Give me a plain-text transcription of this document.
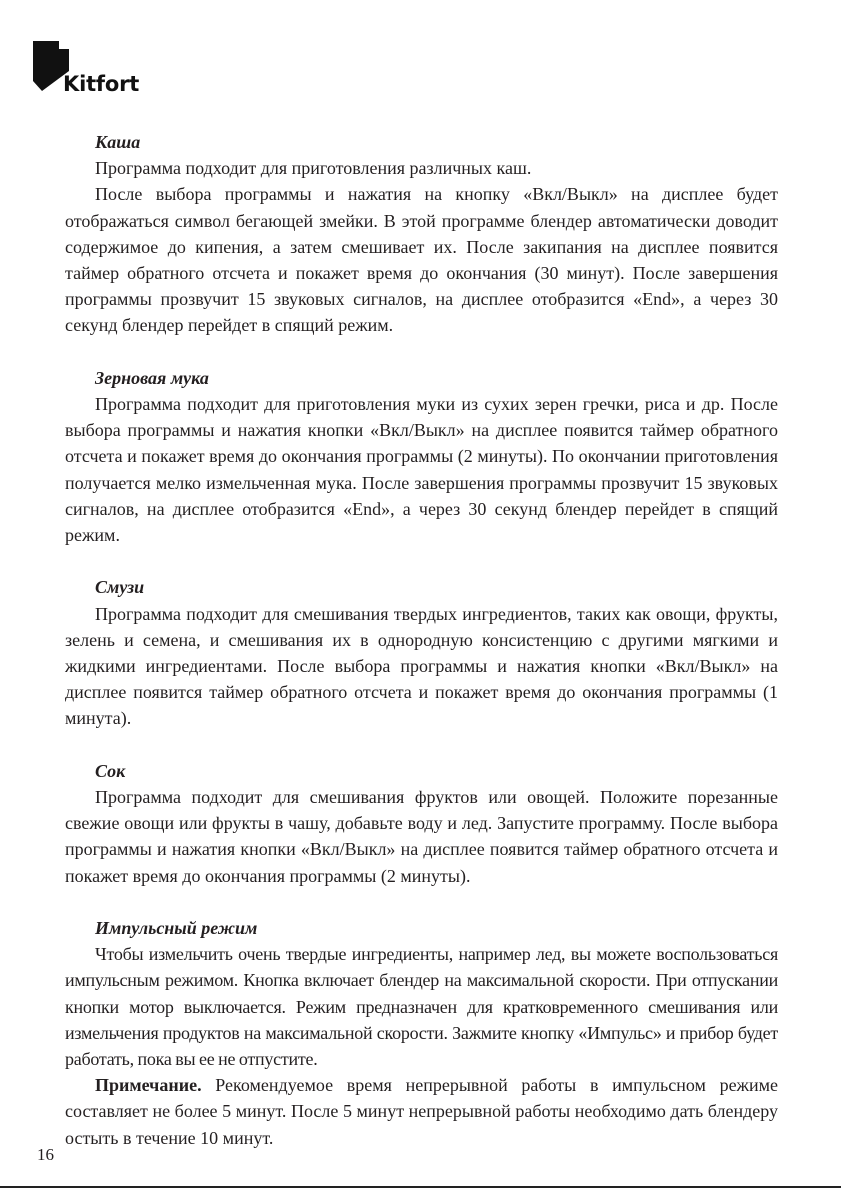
Kitfort

Каша

Программа подходит для приготовления различных каш.

После выбора программы и нажатия на кнопку «Вкл/Выкл» на дисплее будет отображаться символ бегающей змейки. В этой программе блендер автоматически доводит содержимое до кипения, а затем смешивает их. После закипания на дисплее появится таймер обратного отсчета и покажет время до окончания (30 минут). После завершения программы прозвучит 15 звуковых сигналов, на дисплее отобразится «End», а через 30 секунд блендер перейдет в спящий режим.

Зерновая мука

Программа подходит для приготовления муки из сухих зерен гречки, риса и др. После выбора программы и нажатия кнопки «Вкл/Выкл» на дисплее появится таймер обратного отсчета и покажет время до окончания программы (2 минуты). По окончании приготовления получается мелко измельченная мука. После завершения программы прозвучит 15 звуковых сигналов, на дисплее отобразится «End», а через 30 секунд блендер перейдет в спящий режим.

Смузи

Программа подходит для смешивания твердых ингредиентов, таких как овощи, фрукты, зелень и семена, и смешивания их в однородную консистенцию с другими мягкими и жидкими ингредиентами. После выбора программы и нажатия кнопки «Вкл/Выкл» на дисплее появится таймер обратного отсчета и покажет время до окончания программы (1 минута).

Сок

Программа подходит для смешивания фруктов или овощей. Положите порезанные свежие овощи или фрукты в чашу, добавьте воду и лед. Запустите программу. После выбора программы и нажатия кнопки «Вкл/Выкл» на дисплее появится таймер обратного отсчета и покажет время до окончания программы (2 минуты).

Импульсный режим

Чтобы измельчить очень твердые ингредиенты, например лед, вы можете воспользоваться импульсным режимом. Кнопка включает блендер на максимальной скорости. При отпускании кнопки мотор выключается. Режим предназначен для кратковременного смешивания или измельчения продуктов на максимальной скорости. Зажмите кнопку «Импульс» и прибор будет работать, пока вы ее не отпустите.

Примечание. Рекомендуемое время непрерывной работы в импульсном режиме составляет не более 5 минут. После 5 минут непрерывной работы необходимо дать блендеру остыть в течение 10 минут.

16
